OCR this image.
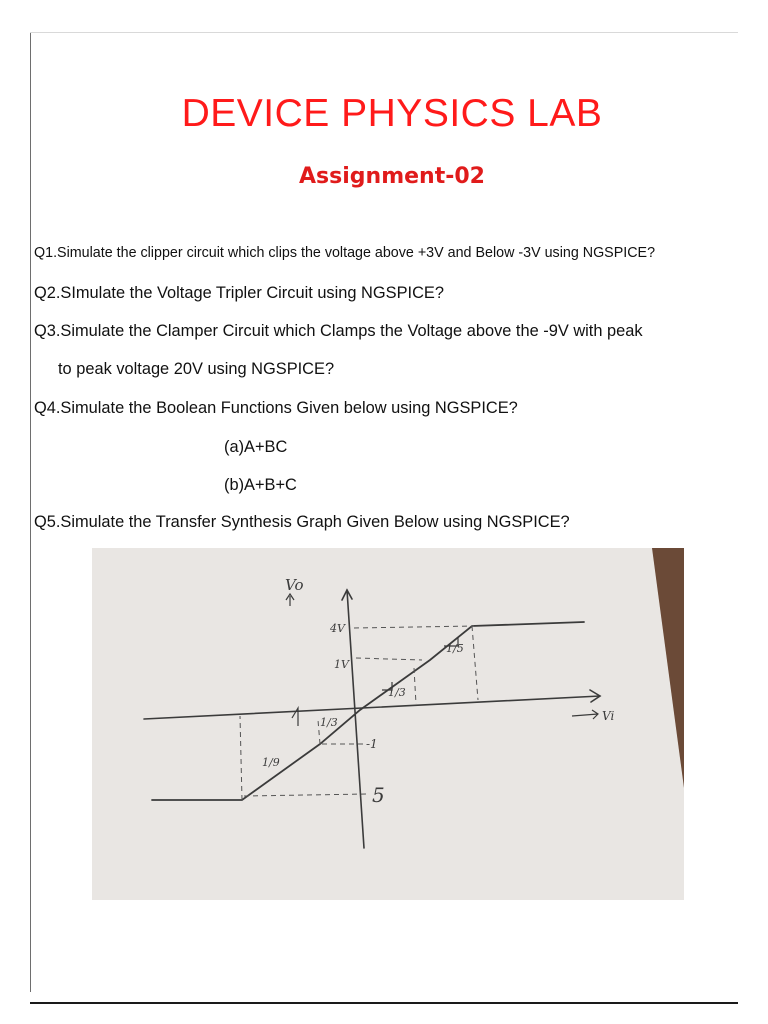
DEVICE PHYSICS LAB
Assignment-02
Q1.Simulate the clipper circuit which clips the voltage above +3V and Below -3V using NGSPICE?
Q2.SImulate the Voltage Tripler Circuit using NGSPICE?
Q3.Simulate the Clamper Circuit which Clamps the Voltage above the -9V with peak
to peak voltage 20V using NGSPICE?
Q4.Simulate the Boolean Functions Given below using NGSPICE?
(a)A+BC
(b)A+B+C
Q5.Simulate the Transfer Synthesis Graph Given Below using NGSPICE?
Vo
Vi
4V
1V
-1
5
1/5
1/3
1/3
1/9
